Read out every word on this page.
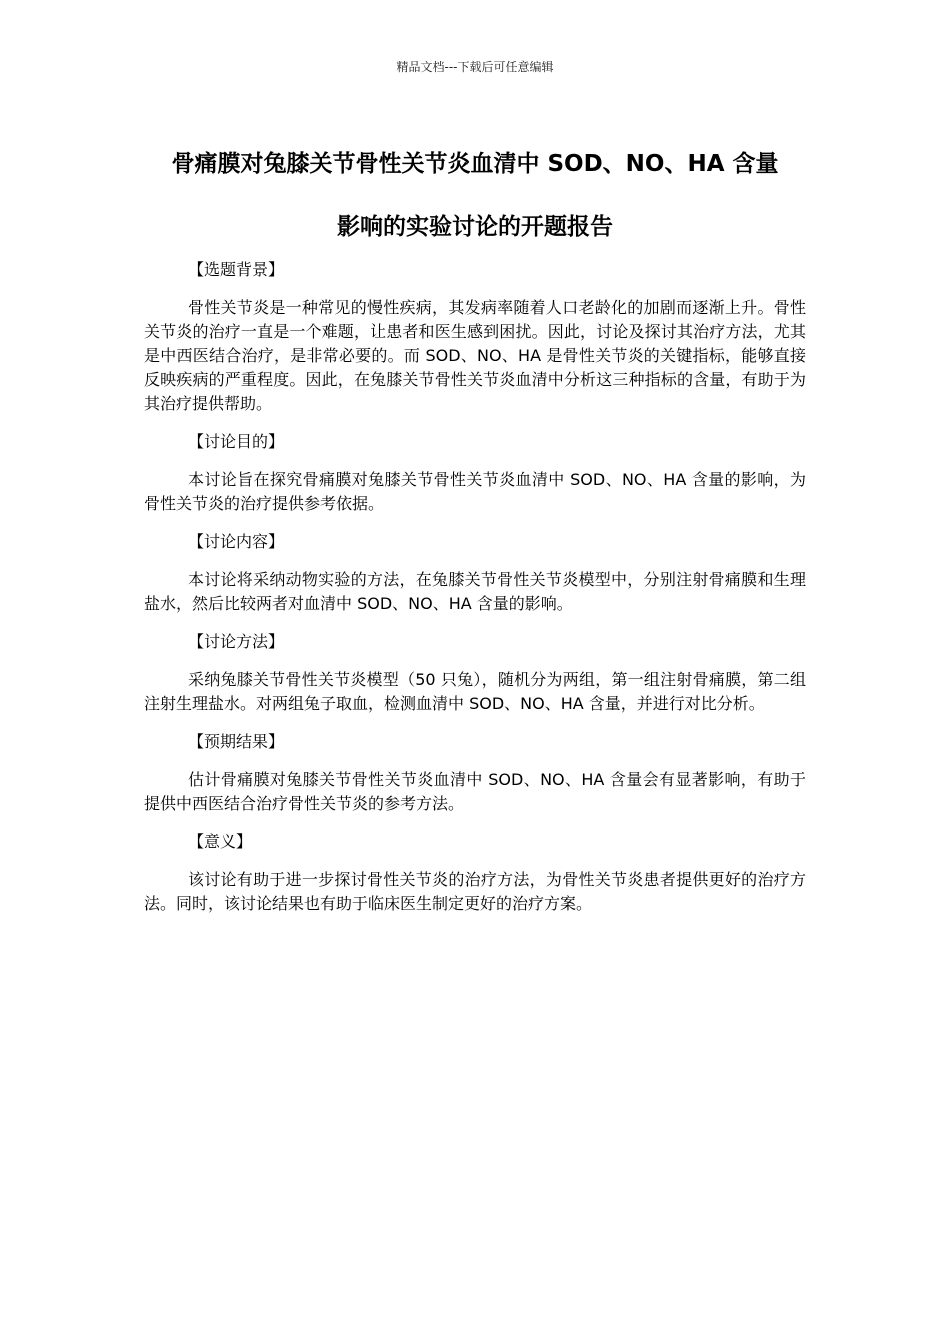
精品文档---下载后可任意编辑
骨痛膜对兔膝关节骨性关节炎血清中 SOD、NO、HA 含量
影响的实验讨论的开题报告

【选题背景】

骨性关节炎是一种常见的慢性疾病，其发病率随着人口老龄化的加剧而逐渐上升。骨性关节炎的治疗一直是一个难题，让患者和医生感到困扰。因此，讨论及探讨其治疗方法，尤其是中西医结合治疗，是非常必要的。而 SOD、NO、HA 是骨性关节炎的关键指标，能够直接反映疾病的严重程度。因此，在兔膝关节骨性关节炎血清中分析这三种指标的含量，有助于为其治疗提供帮助。

【讨论目的】

本讨论旨在探究骨痛膜对兔膝关节骨性关节炎血清中 SOD、NO、HA 含量的影响，为骨性关节炎的治疗提供参考依据。

【讨论内容】

本讨论将采纳动物实验的方法，在兔膝关节骨性关节炎模型中，分别注射骨痛膜和生理盐水，然后比较两者对血清中 SOD、NO、HA 含量的影响。

【讨论方法】

采纳兔膝关节骨性关节炎模型（50 只兔），随机分为两组，第一组注射骨痛膜，第二组注射生理盐水。对两组兔子取血，检测血清中 SOD、NO、HA 含量，并进行对比分析。

【预期结果】

估计骨痛膜对兔膝关节骨性关节炎血清中 SOD、NO、HA 含量会有显著影响，有助于提供中西医结合治疗骨性关节炎的参考方法。

【意义】

该讨论有助于进一步探讨骨性关节炎的治疗方法，为骨性关节炎患者提供更好的治疗方法。同时，该讨论结果也有助于临床医生制定更好的治疗方案。
